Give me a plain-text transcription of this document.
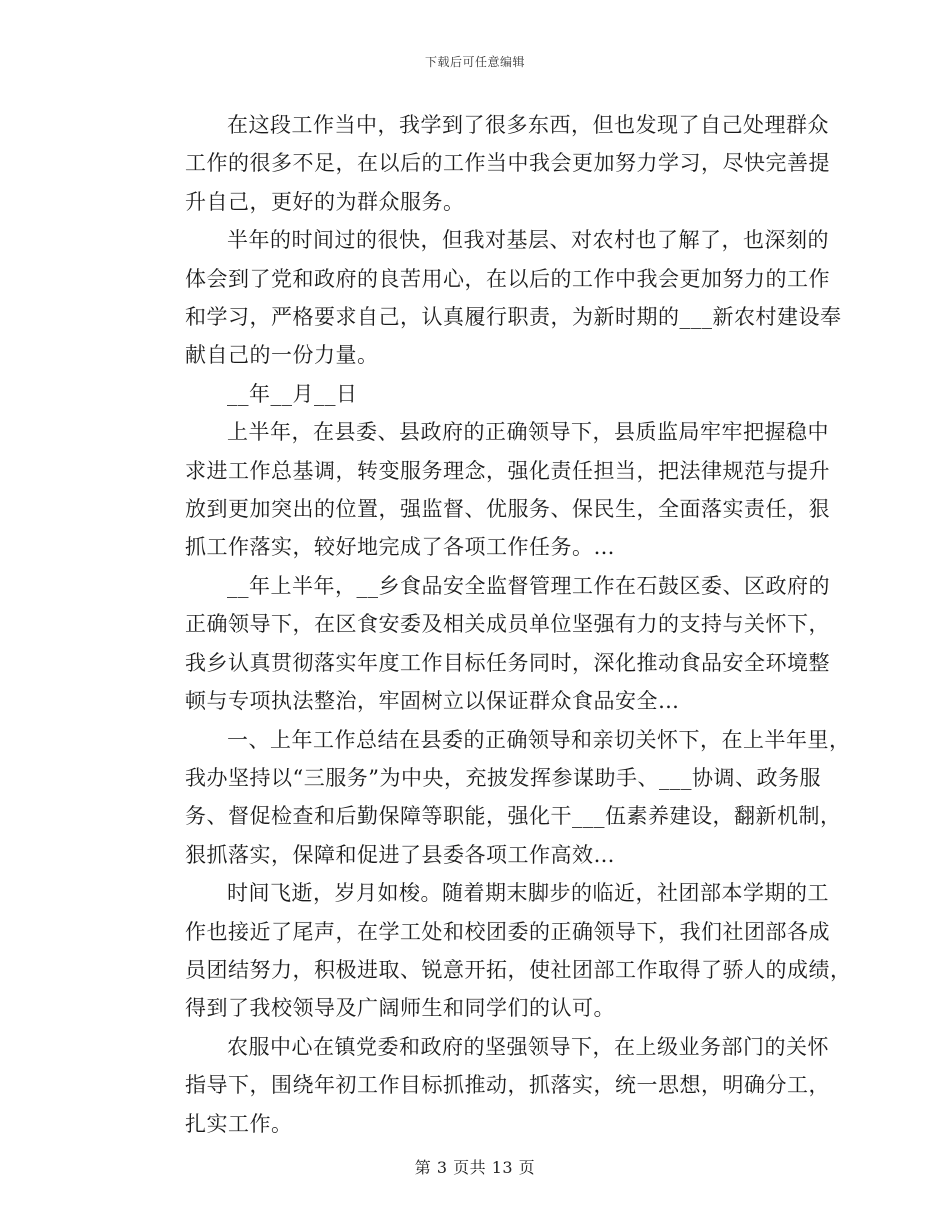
下载后可任意编辑
在这段工作当中，我学到了很多东西，但也发现了自己处理群众
工作的很多不足，在以后的工作当中我会更加努力学习，尽快完善提
升自己，更好的为群众服务。
半年的时间过的很快，但我对基层、对农村也了解了，也深刻的
体会到了党和政府的良苦用心，在以后的工作中我会更加努力的工作
和学习，严格要求自己，认真履行职责，为新时期的___新农村建设奉
献自己的一份力量。
__年__月__日
上半年，在县委、县政府的正确领导下，县质监局牢牢把握稳中
求进工作总基调，转变服务理念，强化责任担当，把法律规范与提升
放到更加突出的位置，强监督、优服务、保民生，全面落实责任，狠
抓工作落实，较好地完成了各项工作任务。…
__年上半年，__乡食品安全监督管理工作在石鼓区委、区政府的
正确领导下，在区食安委及相关成员单位坚强有力的支持与关怀下，
我乡认真贯彻落实年度工作目标任务同时，深化推动食品安全环境整
顿与专项执法整治，牢固树立以保证群众食品安全…
一、上年工作总结在县委的正确领导和亲切关怀下，在上半年里，
我办坚持以“三服务”为中央，充披发挥参谋助手、___协调、政务服
务、督促检查和后勤保障等职能，强化干___伍素养建设，翻新机制，
狠抓落实，保障和促进了县委各项工作高效…
时间飞逝，岁月如梭。随着期末脚步的临近，社团部本学期的工
作也接近了尾声，在学工处和校团委的正确领导下，我们社团部各成
员团结努力，积极进取、锐意开拓，使社团部工作取得了骄人的成绩，
得到了我校领导及广阔师生和同学们的认可。
农服中心在镇党委和政府的坚强领导下，在上级业务部门的关怀
指导下，围绕年初工作目标抓推动，抓落实，统一思想，明确分工，
扎实工作。
第 3 页共 13 页
